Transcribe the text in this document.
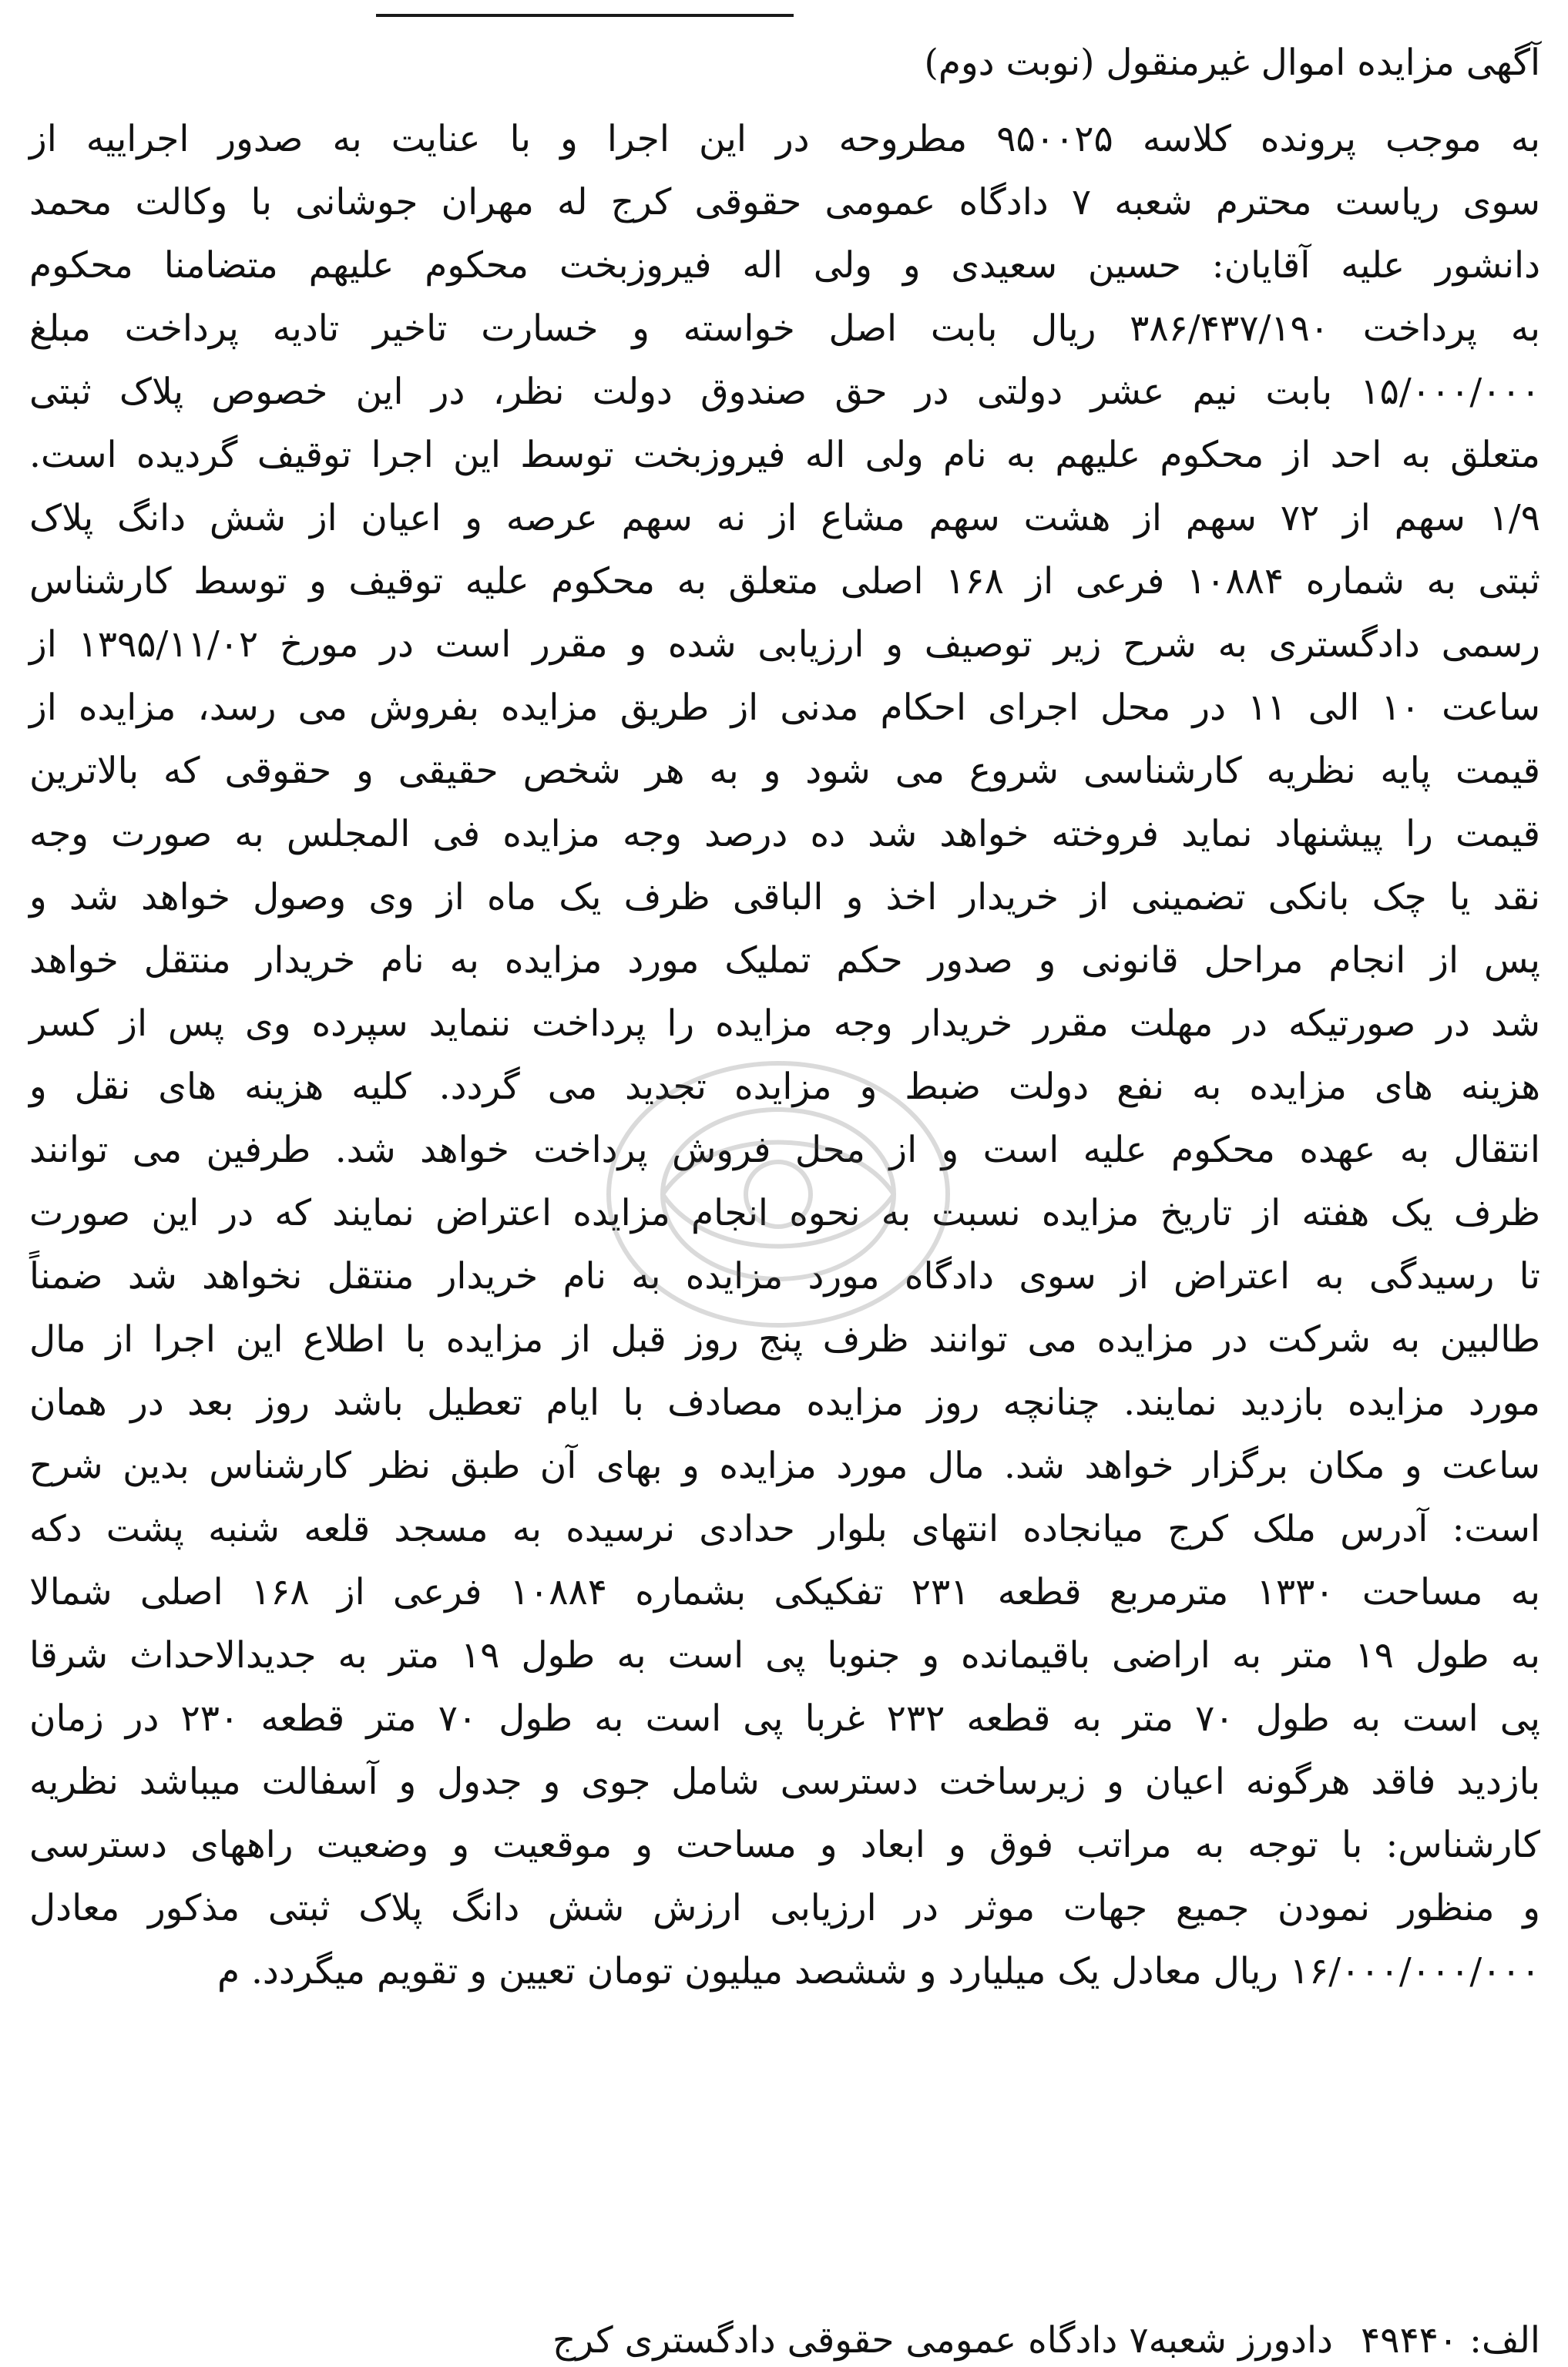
آگهی مزایده اموال غیرمنقول (نوبت دوم)
به موجب پرونده کلاسه ۹۵۰۰۲۵ مطروحه در این اجرا و با عنایت به صدور اجراییه از
سوی ریاست محترم شعبه ۷ دادگاه عمومی حقوقی کرج له مهران جوشانی با وکالت محمد
دانشور علیه آقایان: حسین سعیدی و ولی اله فیروزبخت محکوم علیهم متضامنا محکوم
به پرداخت ۳۸۶/۴۳۷/۱۹۰ ریال بابت اصل خواسته و خسارت تاخیر تادیه پرداخت مبلغ
۱۵/۰۰۰/۰۰۰ بابت نیم عشر دولتی در حق صندوق دولت نظر، در این خصوص پلاک ثبتی
متعلق به احد از محکوم علیهم به نام ولی اله فیروزبخت توسط این اجرا توقیف گردیده است.
۱/۹ سهم از ۷۲ سهم از هشت سهم مشاع از نه سهم عرصه و اعیان از شش دانگ پلاک
ثبتی به شماره ۱۰۸۸۴ فرعی از ۱۶۸ اصلی متعلق به محکوم علیه توقیف و توسط کارشناس
رسمی دادگستری به شرح زیر توصیف و ارزیابی شده و مقرر است در مورخ ۱۳۹۵/۱۱/۰۲ از
ساعت ۱۰ الی ۱۱ در محل اجرای احکام مدنی از طریق مزایده بفروش می رسد، مزایده از
قیمت پایه نظریه کارشناسی شروع می شود و به هر شخص حقیقی و حقوقی که بالاترین
قیمت را پیشنهاد نماید فروخته خواهد شد ده درصد وجه مزایده فی المجلس به صورت وجه
نقد یا چک بانکی تضمینی از خریدار اخذ و الباقی ظرف یک ماه از وی وصول خواهد شد و
پس از انجام مراحل قانونی و صدور حکم تملیک مورد مزایده به نام خریدار منتقل خواهد
شد در صورتیکه در مهلت مقرر خریدار وجه مزایده را پرداخت ننماید سپرده وی پس از کسر
هزینه های مزایده به نفع دولت ضبط و مزایده تجدید می گردد. کلیه هزینه های نقل و
انتقال به عهده محکوم علیه است و از محل فروش پرداخت خواهد شد. طرفین می توانند
ظرف یک هفته از تاریخ مزایده نسبت به نحوه انجام مزایده اعتراض نمایند که در این صورت
تا رسیدگی به اعتراض از سوی دادگاه مورد مزایده به نام خریدار منتقل نخواهد شد ضمناً
طالبین به شرکت در مزایده می توانند ظرف پنج روز قبل از مزایده با اطلاع این اجرا از مال
مورد مزایده بازدید نمایند. چنانچه روز مزایده مصادف با ایام تعطیل باشد روز بعد در همان
ساعت و مکان برگزار خواهد شد. مال مورد مزایده و بهای آن طبق نظر کارشناس بدین شرح
است: آدرس ملک کرج میانجاده انتهای بلوار حدادی نرسیده به مسجد قلعه شنبه پشت دکه
به مساحت ۱۳۳۰ مترمربع قطعه ۲۳۱ تفکیکی بشماره ۱۰۸۸۴ فرعی از ۱۶۸ اصلی شمالا
به طول ۱۹ متر به اراضی باقیمانده و جنوبا پی است به طول ۱۹ متر به جدیدالاحداث شرقا
پی است به طول ۷۰ متر به قطعه ۲۳۲ غربا پی است به طول ۷۰ متر قطعه ۲۳۰ در زمان
بازدید فاقد هرگونه اعیان و زیرساخت دسترسی شامل جوی و جدول و آسفالت میباشد نظریه
کارشناس: با توجه به مراتب فوق و ابعاد و مساحت و موقعیت و وضعیت راههای دسترسی
و منظور نمودن جمیع جهات موثر در ارزیابی ارزش شش دانگ پلاک ثبتی مذکور معادل
۱۶/۰۰۰/۰۰۰/۰۰۰ ریال معادل یک میلیارد و ششصد میلیون تومان تعیین و تقویم میگردد. م
الف: ۴۹۴۴۰دادورز شعبه۷ دادگاه عمومی حقوقی دادگستری کرج
